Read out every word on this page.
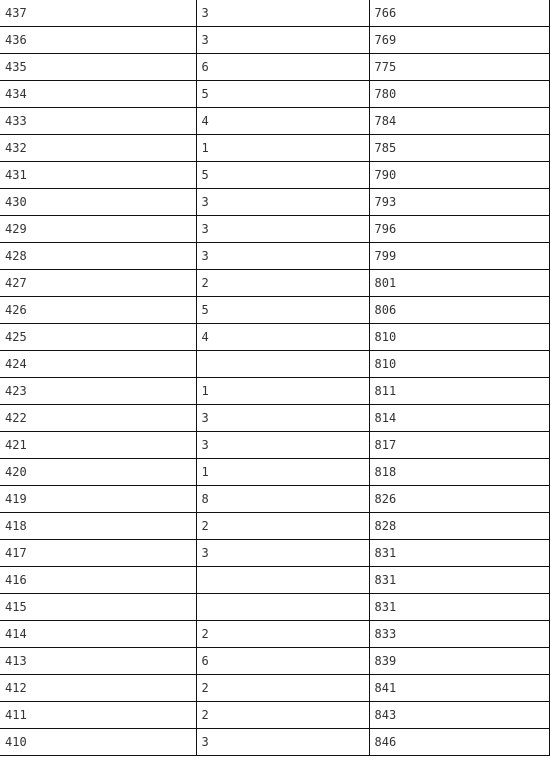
437	3	766
436	3	769
435	6	775
434	5	780
433	4	784
432	1	785
431	5	790
430	3	793
429	3	796
428	3	799
427	2	801
426	5	806
425	4	810
424		810
423	1	811
422	3	814
421	3	817
420	1	818
419	8	826
418	2	828
417	3	831
416		831
415		831
414	2	833
413	6	839
412	2	841
411	2	843
410	3	846
